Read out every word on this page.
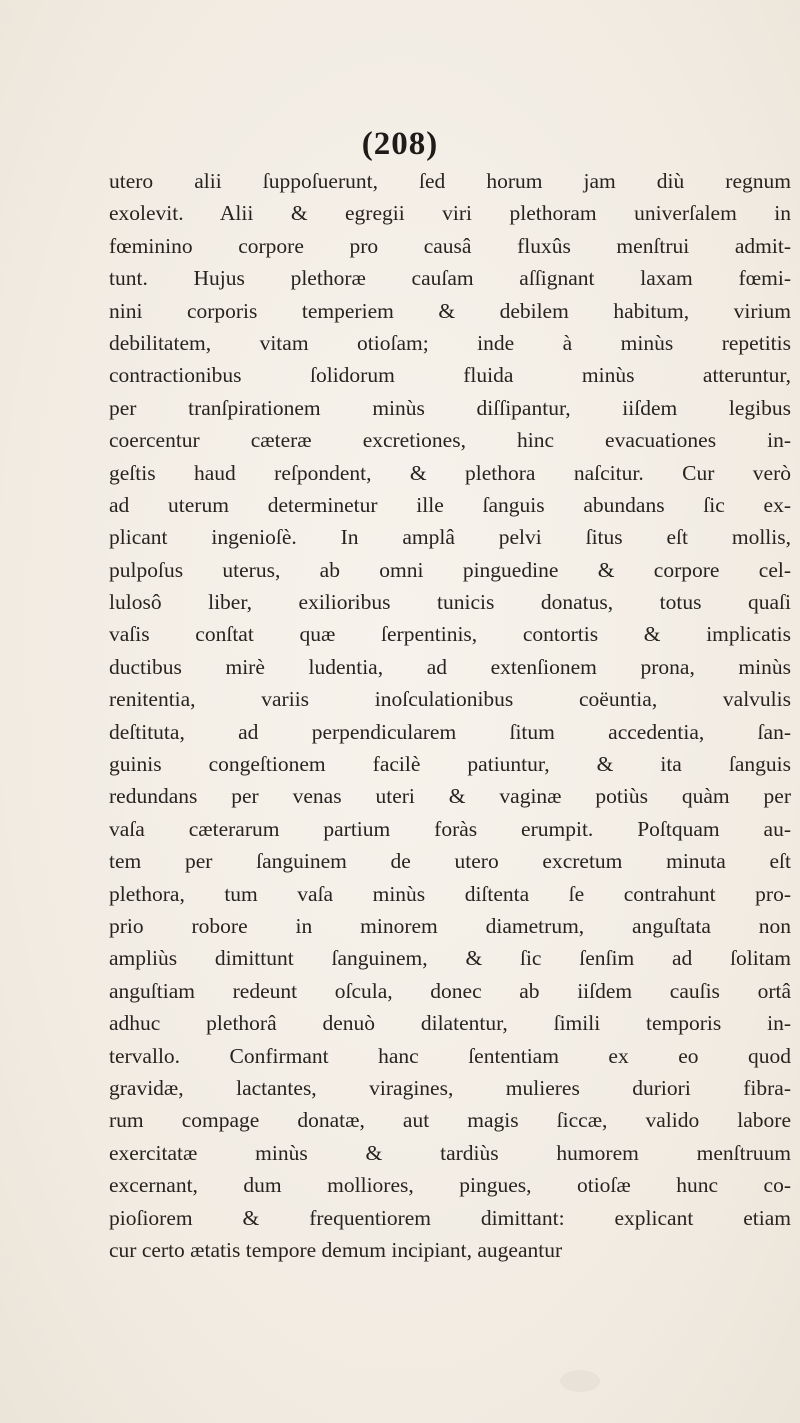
(208)
utero alii ſuppoſuerunt, ſed horum jam diù regnum
exolevit. Alii & egregii viri plethoram univerſalem in
fœminino corpore pro causâ fluxûs menſtrui admit-
tunt. Hujus plethoræ cauſam aſſignant laxam fœmi-
nini corporis temperiem & debilem habitum, virium
debilitatem, vitam otioſam; inde à minùs repetitis
contractionibus ſolidorum fluida minùs atteruntur,
per tranſpirationem minùs diſſipantur, iiſdem legibus
coercentur cæteræ excretiones, hinc evacuationes in-
geſtis haud reſpondent, & plethora naſcitur. Cur verò
ad uterum determinetur ille ſanguis abundans ſic ex-
plicant ingenioſè. In amplâ pelvi ſitus eſt mollis,
pulpoſus uterus, ab omni pinguedine & corpore cel-
lulosô liber, exilioribus tunicis donatus, totus quaſi
vaſis conſtat quæ ſerpentinis, contortis & implicatis
ductibus mirè ludentia, ad extenſionem prona, minùs
renitentia, variis inoſculationibus coëuntia, valvulis
deſtituta, ad perpendicularem ſitum accedentia, ſan-
guinis congeſtionem facilè patiuntur, & ita ſanguis
redundans per venas uteri & vaginæ potiùs quàm per
vaſa cæterarum partium foràs erumpit. Poſtquam au-
tem per ſanguinem de utero excretum minuta eſt
plethora, tum vaſa minùs diſtenta ſe contrahunt pro-
prio robore in minorem diametrum, anguſtata non
ampliùs dimittunt ſanguinem, & ſic ſenſim ad ſolitam
anguſtiam redeunt oſcula, donec ab iiſdem cauſis ortâ
adhuc plethorâ denuò dilatentur, ſimili temporis in-
tervallo. Confirmant hanc ſententiam ex eo quod
gravidæ, lactantes, viragines, mulieres duriori fibra-
rum compage donatæ, aut magis ſiccæ, valido labore
exercitatæ minùs & tardiùs humorem menſtruum
excernant, dum molliores, pingues, otioſæ hunc co-
pioſiorem & frequentiorem dimittant: explicant etiam
cur certo ætatis tempore demum incipiant, augeantur
